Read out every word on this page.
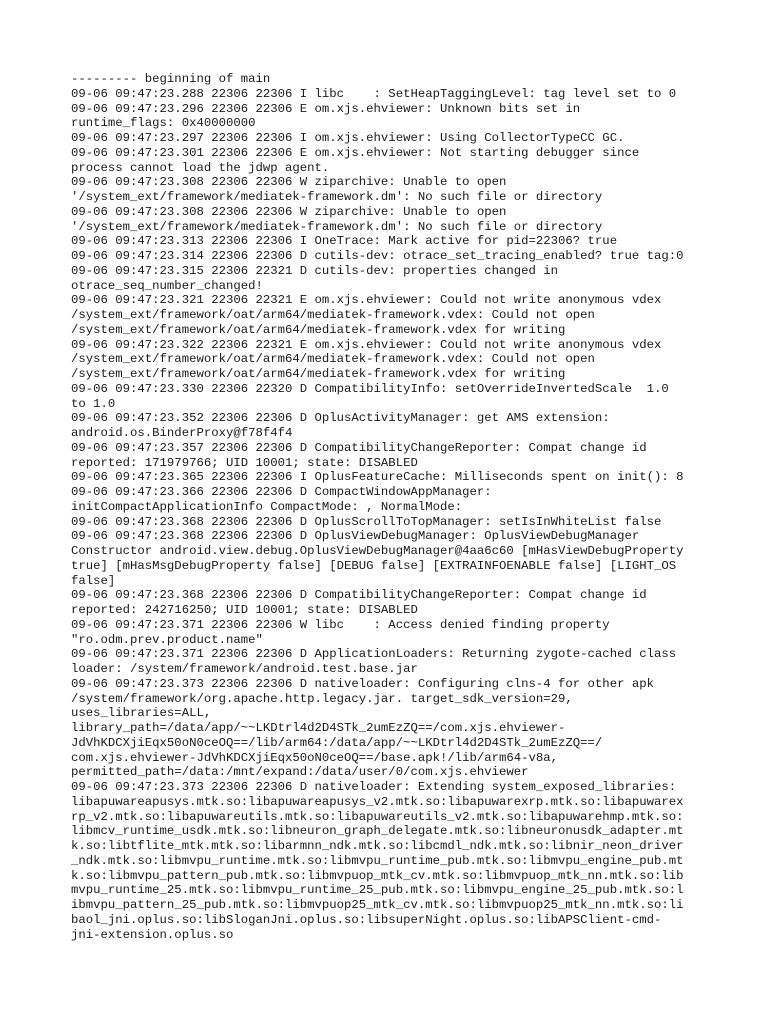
--------- beginning of main
09-06 09:47:23.288 22306 22306 I libc    : SetHeapTaggingLevel: tag level set to 0
09-06 09:47:23.296 22306 22306 E om.xjs.ehviewer: Unknown bits set in
runtime_flags: 0x40000000
09-06 09:47:23.297 22306 22306 I om.xjs.ehviewer: Using CollectorTypeCC GC.
09-06 09:47:23.301 22306 22306 E om.xjs.ehviewer: Not starting debugger since
process cannot load the jdwp agent.
09-06 09:47:23.308 22306 22306 W ziparchive: Unable to open
'/system_ext/framework/mediatek-framework.dm': No such file or directory
09-06 09:47:23.308 22306 22306 W ziparchive: Unable to open
'/system_ext/framework/mediatek-framework.dm': No such file or directory
09-06 09:47:23.313 22306 22306 I OneTrace: Mark active for pid=22306? true
09-06 09:47:23.314 22306 22306 D cutils-dev: otrace_set_tracing_enabled? true tag:0
09-06 09:47:23.315 22306 22321 D cutils-dev: properties changed in
otrace_seq_number_changed!
09-06 09:47:23.321 22306 22321 E om.xjs.ehviewer: Could not write anonymous vdex
/system_ext/framework/oat/arm64/mediatek-framework.vdex: Could not open
/system_ext/framework/oat/arm64/mediatek-framework.vdex for writing
09-06 09:47:23.322 22306 22321 E om.xjs.ehviewer: Could not write anonymous vdex
/system_ext/framework/oat/arm64/mediatek-framework.vdex: Could not open
/system_ext/framework/oat/arm64/mediatek-framework.vdex for writing
09-06 09:47:23.330 22306 22320 D CompatibilityInfo: setOverrideInvertedScale  1.0
to 1.0
09-06 09:47:23.352 22306 22306 D OplusActivityManager: get AMS extension:
android.os.BinderProxy@f78f4f4
09-06 09:47:23.357 22306 22306 D CompatibilityChangeReporter: Compat change id
reported: 171979766; UID 10001; state: DISABLED
09-06 09:47:23.365 22306 22306 I OplusFeatureCache: Milliseconds spent on init(): 8
09-06 09:47:23.366 22306 22306 D CompactWindowAppManager:
initCompactApplicationInfo CompactMode: , NormalMode:
09-06 09:47:23.368 22306 22306 D OplusScrollToTopManager: setIsInWhiteList false
09-06 09:47:23.368 22306 22306 D OplusViewDebugManager: OplusViewDebugManager
Constructor android.view.debug.OplusViewDebugManager@4aa6c60 [mHasViewDebugProperty
true] [mHasMsgDebugProperty false] [DEBUG false] [EXTRAINFOENABLE false] [LIGHT_OS
false]
09-06 09:47:23.368 22306 22306 D CompatibilityChangeReporter: Compat change id
reported: 242716250; UID 10001; state: DISABLED
09-06 09:47:23.371 22306 22306 W libc    : Access denied finding property
"ro.odm.prev.product.name"
09-06 09:47:23.371 22306 22306 D ApplicationLoaders: Returning zygote-cached class
loader: /system/framework/android.test.base.jar
09-06 09:47:23.373 22306 22306 D nativeloader: Configuring clns-4 for other apk
/system/framework/org.apache.http.legacy.jar. target_sdk_version=29,
uses_libraries=ALL,
library_path=/data/app/~~LKDtrl4d2D4STk_2umEzZQ==/com.xjs.ehviewer-
JdVhKDCXjiEqx50oN0ceOQ==/lib/arm64:/data/app/~~LKDtrl4d2D4STk_2umEzZQ==/
com.xjs.ehviewer-JdVhKDCXjiEqx50oN0ceOQ==/base.apk!/lib/arm64-v8a,
permitted_path=/data:/mnt/expand:/data/user/0/com.xjs.ehviewer
09-06 09:47:23.373 22306 22306 D nativeloader: Extending system_exposed_libraries:
libapuwareapusys.mtk.so:libapuwareapusys_v2.mtk.so:libapuwarexrp.mtk.so:libapuwarex
rp_v2.mtk.so:libapuwareutils.mtk.so:libapuwareutils_v2.mtk.so:libapuwarehmp.mtk.so:
libmcv_runtime_usdk.mtk.so:libneuron_graph_delegate.mtk.so:libneuronusdk_adapter.mt
k.so:libtflite_mtk.mtk.so:libarmnn_ndk.mtk.so:libcmdl_ndk.mtk.so:libnir_neon_driver
_ndk.mtk.so:libmvpu_runtime.mtk.so:libmvpu_runtime_pub.mtk.so:libmvpu_engine_pub.mt
k.so:libmvpu_pattern_pub.mtk.so:libmvpuop_mtk_cv.mtk.so:libmvpuop_mtk_nn.mtk.so:lib
mvpu_runtime_25.mtk.so:libmvpu_runtime_25_pub.mtk.so:libmvpu_engine_25_pub.mtk.so:l
ibmvpu_pattern_25_pub.mtk.so:libmvpuop25_mtk_cv.mtk.so:libmvpuop25_mtk_nn.mtk.so:li
baol_jni.oplus.so:libSloganJni.oplus.so:libsuperNight.oplus.so:libAPSClient-cmd-
jni-extension.oplus.so
